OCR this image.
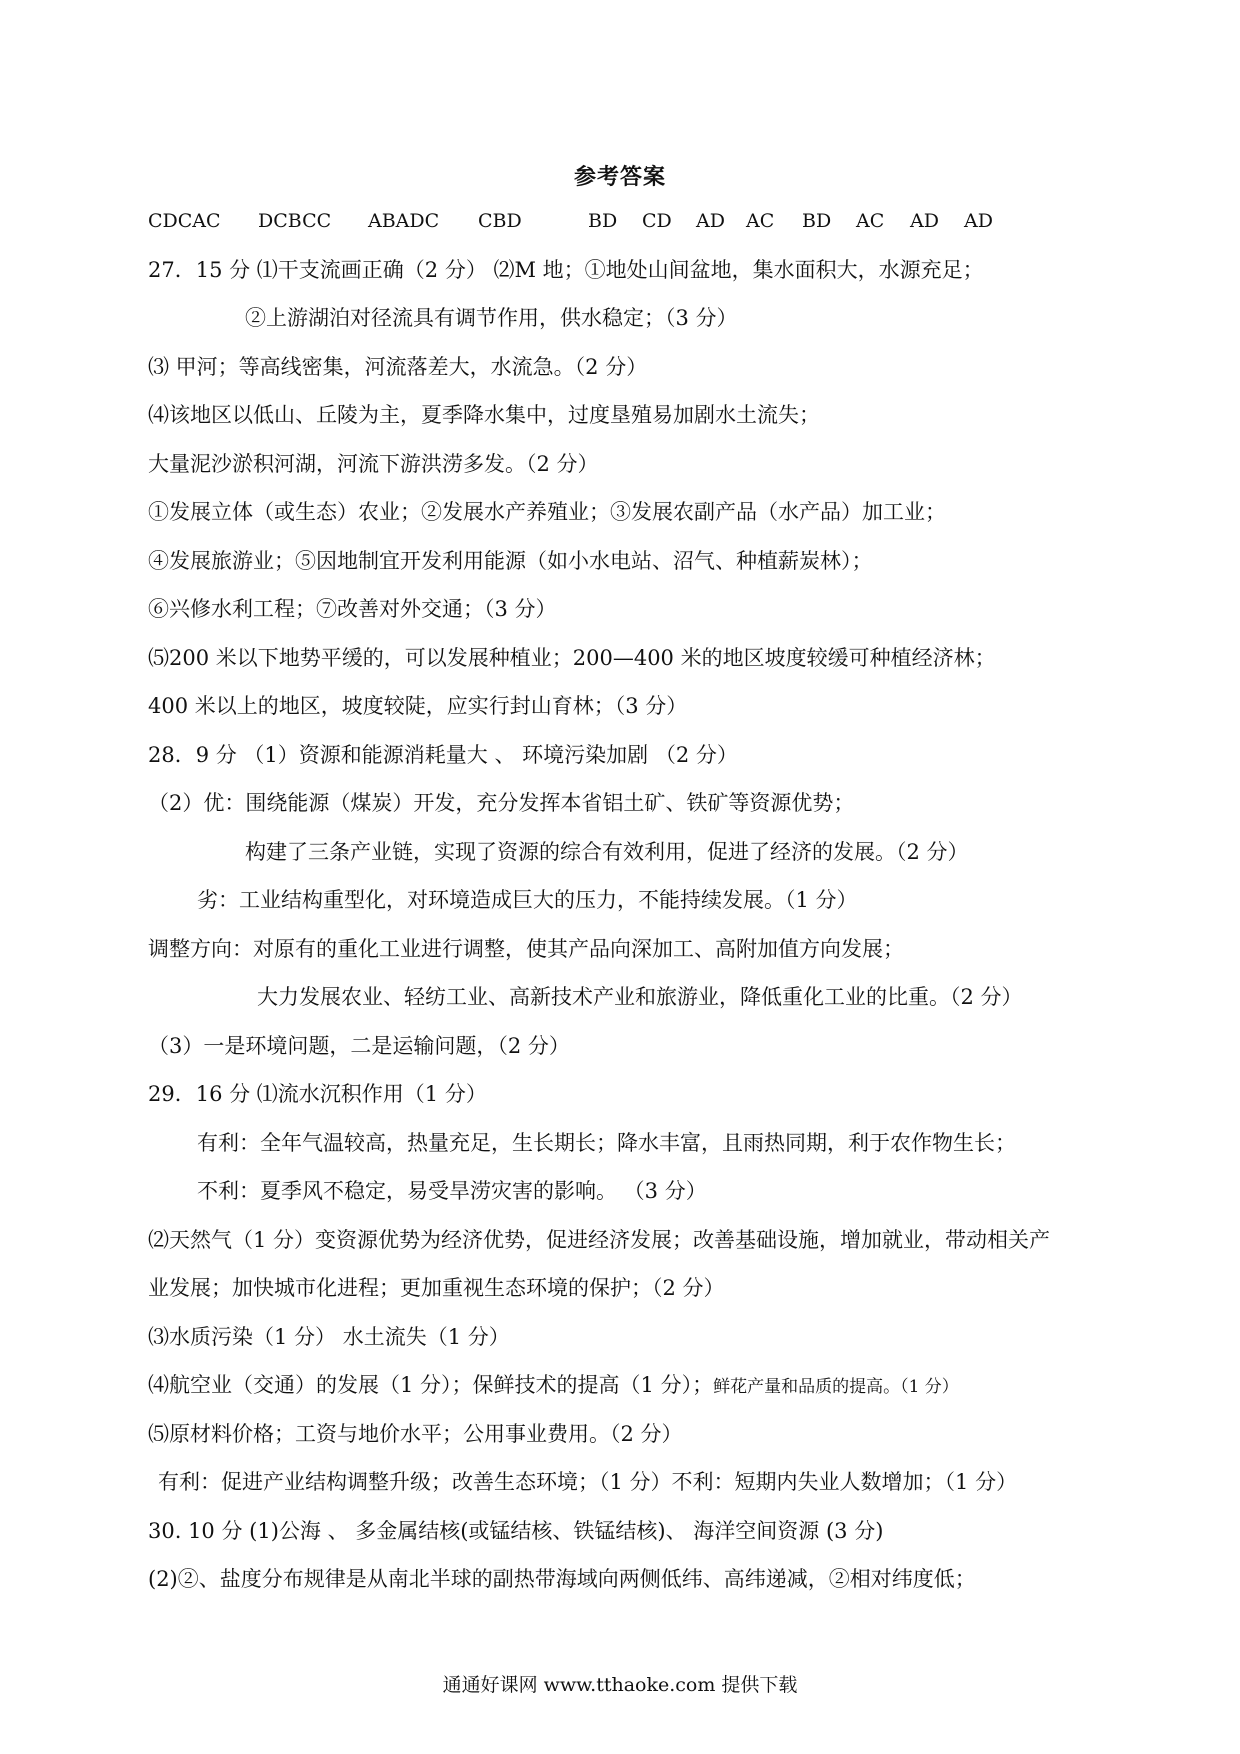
参考答案
CDCAC DCBCC ABADC CBD	BD CD AD AC BD AC AD AD
27．15 分 ⑴干支流画正确（2 分） ⑵M 地；①地处山间盆地，集水面积大，水源充足；
②上游湖泊对径流具有调节作用，供水稳定；（3 分）
⑶ 甲河；等高线密集，河流落差大，水流急。（2 分）
⑷该地区以低山、丘陵为主，夏季降水集中，过度垦殖易加剧水土流失；
大量泥沙淤积河湖，河流下游洪涝多发。（2 分）
①发展立体（或生态）农业；②发展水产养殖业；③发展农副产品（水产品）加工业；
④发展旅游业；⑤因地制宜开发利用能源（如小水电站、沼气、种植薪炭林）；
⑥兴修水利工程；⑦改善对外交通；（3 分）
⑸200 米以下地势平缓的，可以发展种植业；200—400 米的地区坡度较缓可种植经济林；
400 米以上的地区，坡度较陡，应实行封山育林；（3 分）
28．9 分 （1）资源和能源消耗量大 、 环境污染加剧 （2 分）
（2）优：围绕能源（煤炭）开发，充分发挥本省铝土矿、铁矿等资源优势；
构建了三条产业链，实现了资源的综合有效利用，促进了经济的发展。（2 分）
劣：工业结构重型化，对环境造成巨大的压力，不能持续发展。（1 分）
调整方向：对原有的重化工业进行调整，使其产品向深加工、高附加值方向发展；
大力发展农业、轻纺工业、高新技术产业和旅游业，降低重化工业的比重。（2 分）
（3）一是环境问题，二是运输问题，（2 分）
29．16 分 ⑴流水沉积作用（1 分）
有利：全年气温较高，热量充足，生长期长；降水丰富，且雨热同期，利于农作物生长；
不利：夏季风不稳定，易受旱涝灾害的影响。 （3 分）
⑵天然气（1 分）变资源优势为经济优势，促进经济发展；改善基础设施，增加就业，带动相关产
业发展；加快城市化进程；更加重视生态环境的保护；（2 分）
⑶水质污染（1 分） 水土流失（1 分）
⑷航空业（交通）的发展（1 分）；保鲜技术的提高（1 分）；鲜花产量和品质的提高。（1 分）
⑸原材料价格；工资与地价水平；公用事业费用。（2 分）
有利：促进产业结构调整升级；改善生态环境；（1 分）不利：短期内失业人数增加；（1 分）
30. 10 分 (1)公海 、 多金属结核(或锰结核、铁锰结核)、 海洋空间资源 (3 分)
(2)②、盐度分布规律是从南北半球的副热带海域向两侧低纬、高纬递减，②相对纬度低；
通通好课网 www.tthaoke.com 提供下载
